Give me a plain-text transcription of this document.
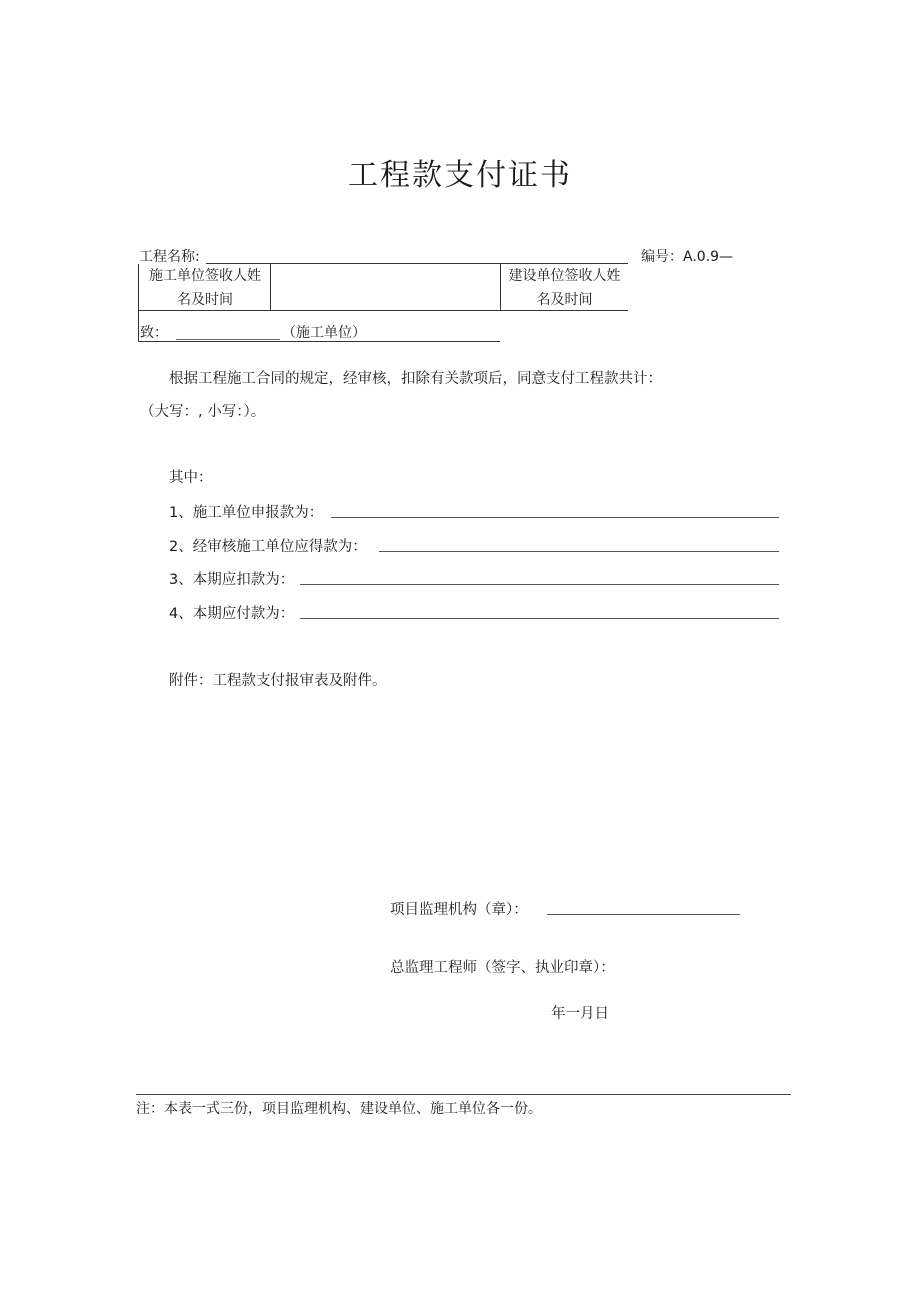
工程款支付证书
工程名称:	编号：A.0.9—
施工单位签收人姓
名及时间
建设单位签收人姓
名及时间
致：	（施工单位）
根据工程施工合同的规定，经审核，扣除有关款项后，同意支付工程款共计：
（大写：, 小写：）。
其中：
1、施工单位申报款为：
2、经审核施工单位应得款为：
3、本期应扣款为：
4、本期应付款为：
附件：工程款支付报审表及附件。
项目监理机构（章）：
总监理工程师（签字、执业印章）：
年一月日
注：本表一式三份，项目监理机构、建设单位、施工单位各一份。
